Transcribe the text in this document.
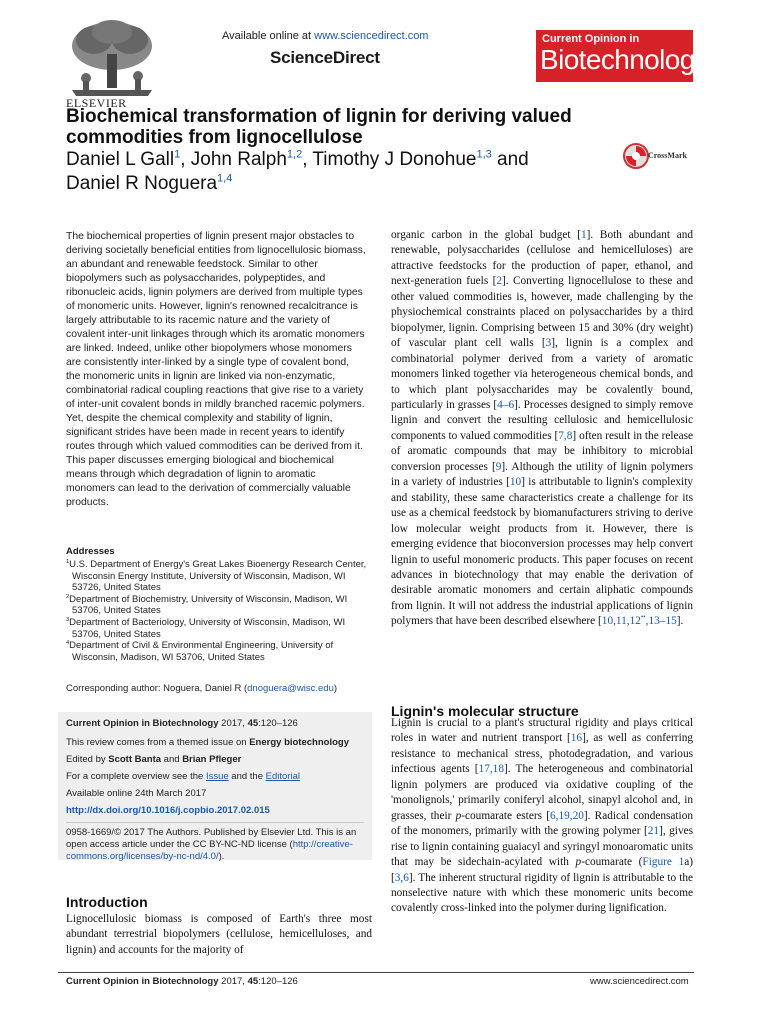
ELSEVIER
Available online at www.sciencedirect.com
ScienceDirect
Current Opinion in
Biotechnology
Biochemical transformation of lignin for deriving valued commodities from lignocellulose
Daniel L Gall$^1$, John Ralph$^{1,2}$, Timothy J Donohue$^{1,3}$ and Daniel R Noguera$^{1,4}$
CrossMark
The biochemical properties of lignin present major obstacles to deriving societally beneficial entities from lignocellulosic biomass, an abundant and renewable feedstock. Similar to other biopolymers such as polysaccharides, polypeptides, and ribonucleic acids, lignin polymers are derived from multiple types of monomeric units. However, lignin's renowned recalcitrance is largely attributable to its racemic nature and the variety of covalent inter-unit linkages through which its aromatic monomers are linked. Indeed, unlike other biopolymers whose monomers are consistently inter-linked by a single type of covalent bond, the monomeric units in lignin are linked via non-enzymatic, combinatorial radical coupling reactions that give rise to a variety of inter-unit covalent bonds in mildly branched racemic polymers. Yet, despite the chemical complexity and stability of lignin, significant strides have been made in recent years to identify routes through which valued commodities can be derived from it. This paper discusses emerging biological and biochemical means through which degradation of lignin to aromatic monomers can lead to the derivation of commercially valuable products.
Addresses
$^1$U.S. Department of Energy's Great Lakes Bioenergy Research Center, Wisconsin Energy Institute, University of Wisconsin, Madison, WI 53726, United States
$^2$Department of Biochemistry, University of Wisconsin, Madison, WI 53706, United States
$^3$Department of Bacteriology, University of Wisconsin, Madison, WI 53706, United States
$^4$Department of Civil & Environmental Engineering, University of Wisconsin, Madison, WI 53706, United States
Corresponding author: Noguera, Daniel R (dnoguera@wisc.edu)
Current Opinion in Biotechnology 2017, 45:120–126
This review comes from a themed issue on Energy biotechnology
Edited by Scott Banta and Brian Pfleger
For a complete overview see the Issue and the Editorial
Available online 24th March 2017
http://dx.doi.org/10.1016/j.copbio.2017.02.015
0958-1669/© 2017 The Authors. Published by Elsevier Ltd. This is an open access article under the CC BY-NC-ND license (http://creative-commons.org/licenses/by-nc-nd/4.0/).
Introduction
Lignocellulosic biomass is composed of Earth's three most abundant terrestrial biopolymers (cellulose, hemicelluloses, and lignin) and accounts for the majority of
organic carbon in the global budget [1]. Both abundant and renewable, polysaccharides (cellulose and hemicelluloses) are attractive feedstocks for the production of paper, ethanol, and next-generation fuels [2]. Converting lignocellulose to these and other valued commodities is, however, made challenging by the physiochemical constraints placed on polysaccharides by a third biopolymer, lignin. Comprising between 15 and 30% (dry weight) of vascular plant cell walls [3], lignin is a complex and combinatorial polymer derived from a variety of aromatic monomers linked together via heterogeneous chemical bonds, and to which plant polysaccharides may be covalently bound, particularly in grasses [4–6]. Processes designed to simply remove lignin and convert the resulting cellulosic and hemicellulosic components to valued commodities [7,8] often result in the release of aromatic compounds that may be inhibitory to microbial conversion processes [9]. Although the utility of lignin polymers in a variety of industries [10] is attributable to lignin's complexity and stability, these same characteristics create a challenge for its use as a chemical feedstock by biomanufacturers striving to derive low molecular weight products from it. However, there is emerging evidence that bioconversion processes may help convert lignin to useful monomeric products. This paper focuses on recent advances in biotechnology that may enable the derivation of desirable aromatic monomers and certain aliphatic compounds from lignin. It will not address the industrial applications of lignin polymers that have been described elsewhere [10,11,12••,13–15].
Lignin's molecular structure
Lignin is crucial to a plant's structural rigidity and plays critical roles in water and nutrient transport [16], as well as conferring resistance to mechanical stress, photodegradation, and various infectious agents [17,18]. The heterogeneous and combinatorial lignin polymers are produced via oxidative coupling of the 'monolignols,' primarily coniferyl alcohol, sinapyl alcohol and, in grasses, their p-coumarate esters [6,19,20]. Radical condensation of the monomers, primarily with the growing polymer [21], gives rise to lignin containing guaiacyl and syringyl monoaromatic units that may be sidechain-acylated with p-coumarate (Figure 1a) [3,6]. The inherent structural rigidity of lignin is attributable to the nonselective nature with which these monomeric units become covalently cross-linked into the polymer during lignification.
Current Opinion in Biotechnology 2017, 45:120–126	www.sciencedirect.com
